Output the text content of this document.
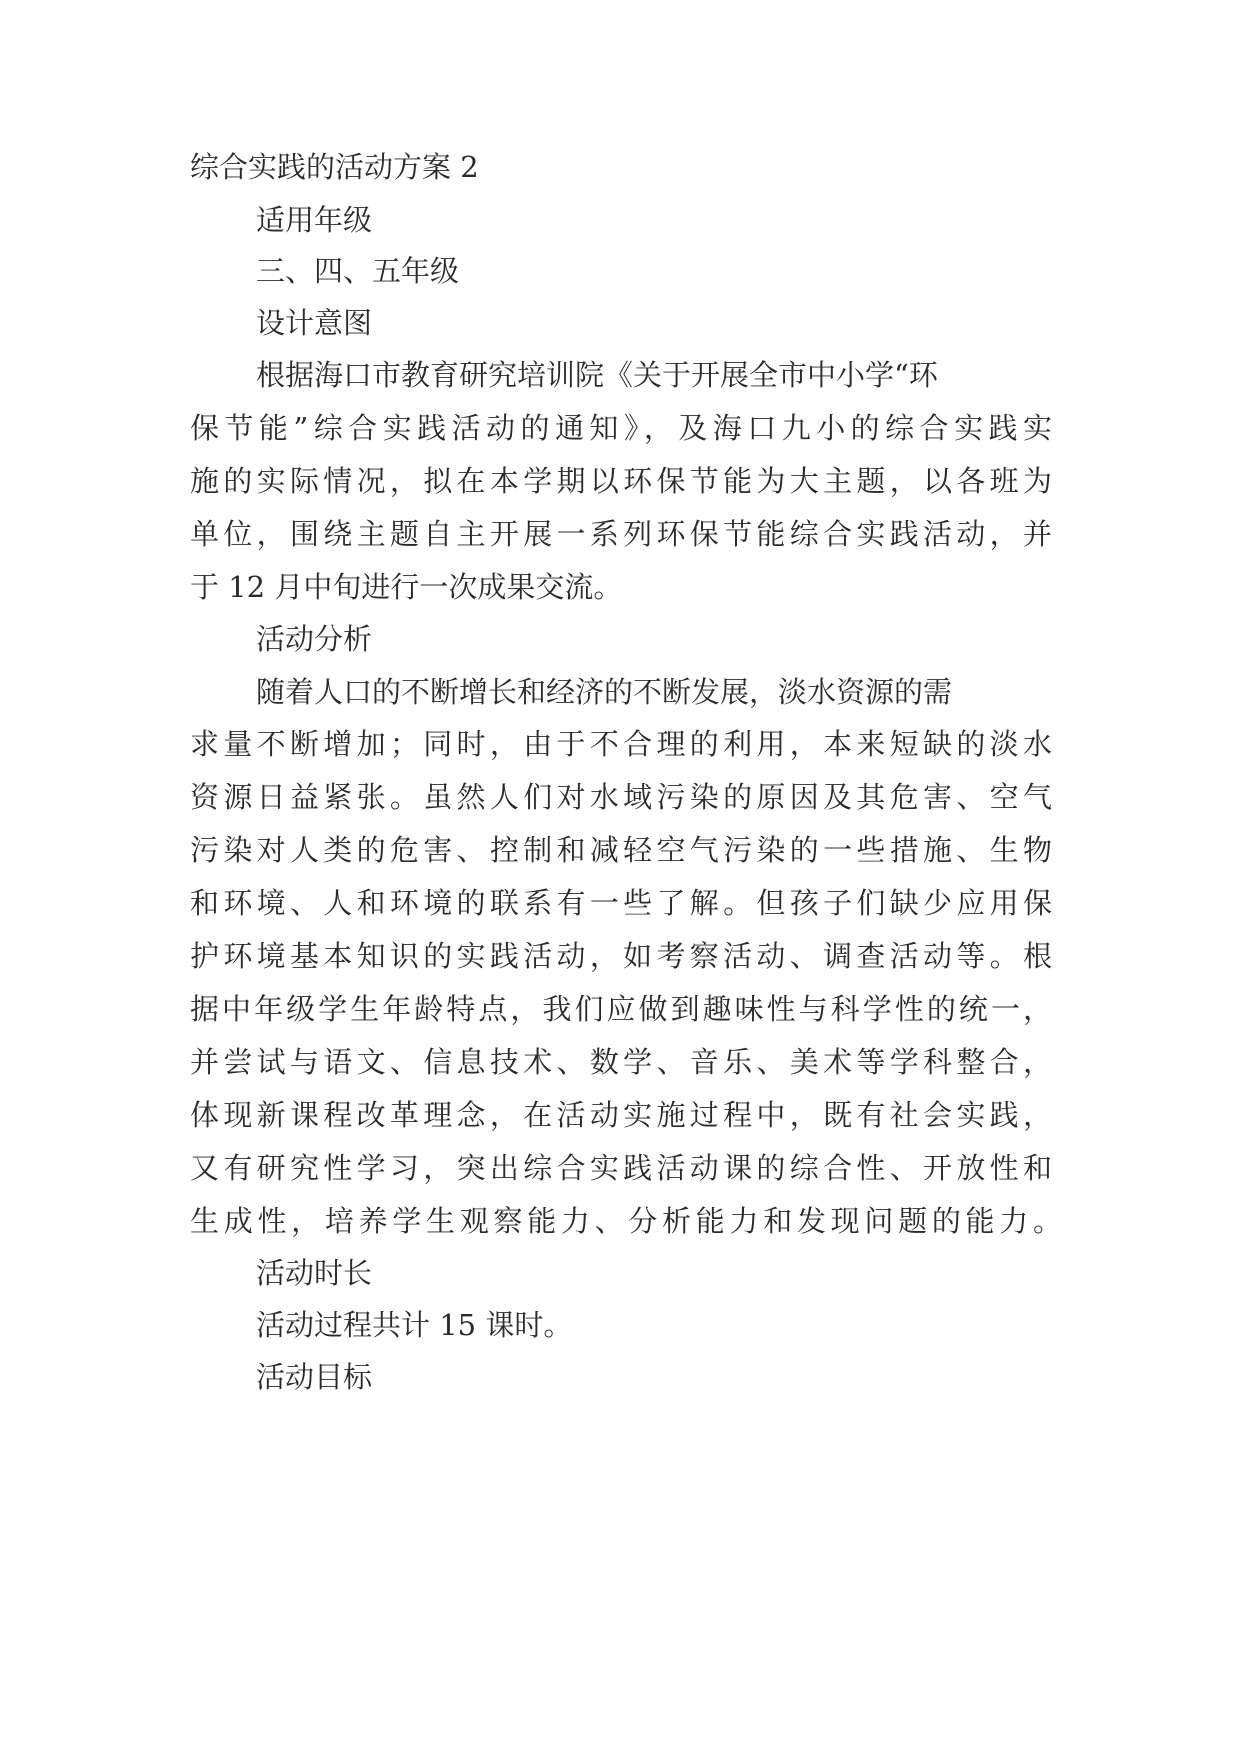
综合实践的活动方案 2
适用年级
三、四、五年级
设计意图
根据海口市教育研究培训院《关于开展全市中小学“环
保节能”综合实践活动的通知》，及海口九小的综合实践实
施的实际情况，拟在本学期以环保节能为大主题，以各班为
单位，围绕主题自主开展一系列环保节能综合实践活动，并
于 12 月中旬进行一次成果交流。
活动分析
随着人口的不断增长和经济的不断发展，淡水资源的需
求量不断增加；同时，由于不合理的利用，本来短缺的淡水
资源日益紧张。虽然人们对水域污染的原因及其危害、空气
污染对人类的危害、控制和减轻空气污染的一些措施、生物
和环境、人和环境的联系有一些了解。但孩子们缺少应用保
护环境基本知识的实践活动，如考察活动、调查活动等。根
据中年级学生年龄特点，我们应做到趣味性与科学性的统一，
并尝试与语文、信息技术、数学、音乐、美术等学科整合，
体现新课程改革理念，在活动实施过程中，既有社会实践，
又有研究性学习，突出综合实践活动课的综合性、开放性和
生成性，培养学生观察能力、分析能力和发现问题的能力。
活动时长
活动过程共计 15 课时。
活动目标
